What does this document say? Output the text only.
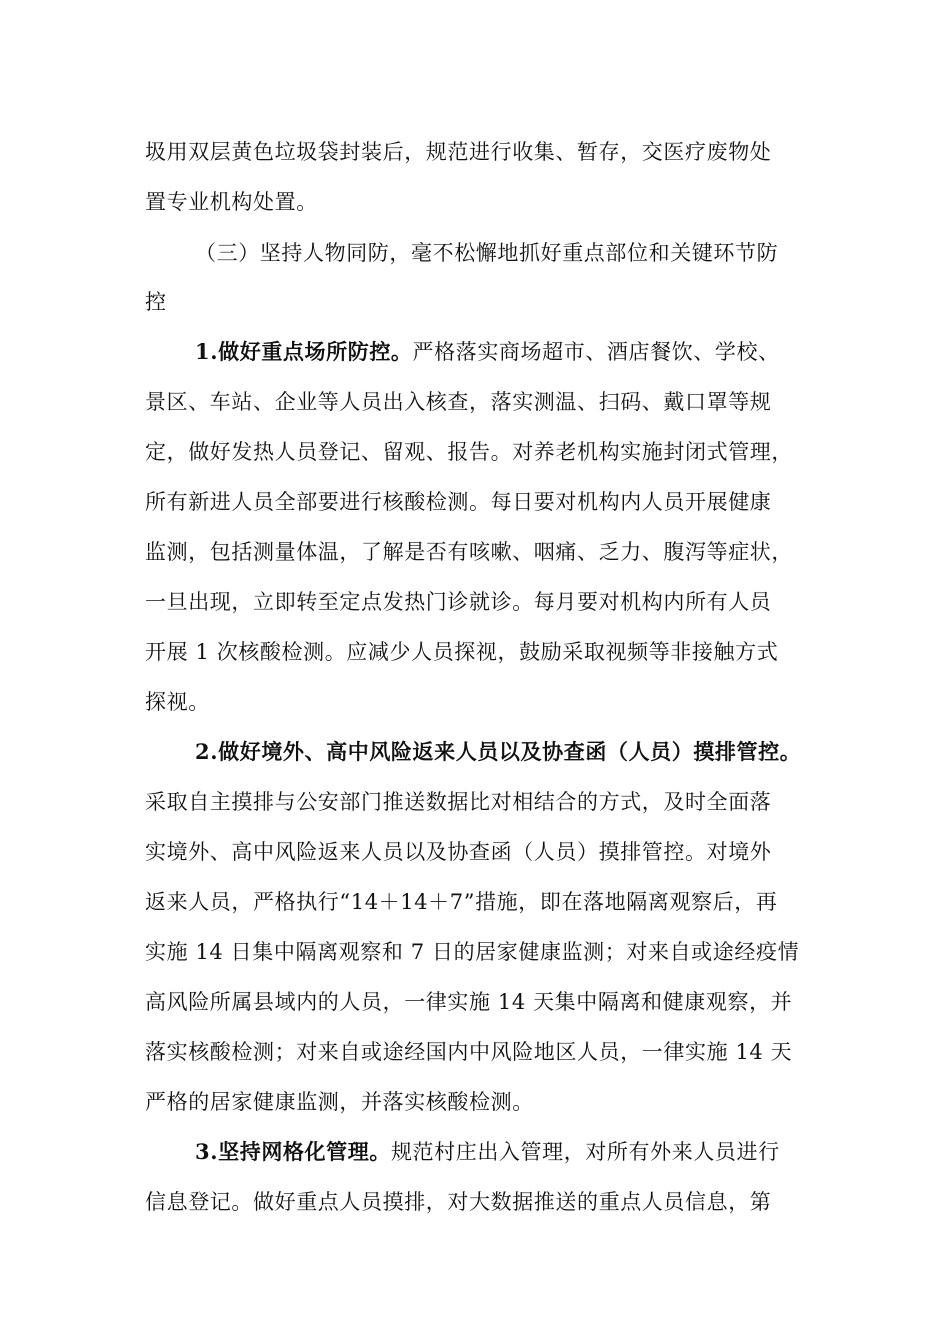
圾用双层黄色垃圾袋封装后，规范进行收集、暂存，交医疗废物处
置专业机构处置。
（三）坚持人物同防，毫不松懈地抓好重点部位和关键环节防
控
1.做好重点场所防控。严格落实商场超市、酒店餐饮、学校、
景区、车站、企业等人员出入核查，落实测温、扫码、戴口罩等规
定，做好发热人员登记、留观、报告。对养老机构实施封闭式管理，
所有新进人员全部要进行核酸检测。每日要对机构内人员开展健康
监测，包括测量体温，了解是否有咳嗽、咽痛、乏力、腹泻等症状，
一旦出现，立即转至定点发热门诊就诊。每月要对机构内所有人员
开展 1 次核酸检测。应减少人员探视，鼓励采取视频等非接触方式
探视。
2.做好境外、高中风险返来人员以及协查函（人员）摸排管控。
采取自主摸排与公安部门推送数据比对相结合的方式，及时全面落
实境外、高中风险返来人员以及协查函（人员）摸排管控。对境外
返来人员，严格执行“14＋14＋7”措施，即在落地隔离观察后，再
实施 14 日集中隔离观察和 7 日的居家健康监测；对来自或途经疫情
高风险所属县域内的人员，一律实施 14 天集中隔离和健康观察，并
落实核酸检测；对来自或途经国内中风险地区人员，一律实施 14 天
严格的居家健康监测，并落实核酸检测。
3.坚持网格化管理。规范村庄出入管理，对所有外来人员进行
信息登记。做好重点人员摸排，对大数据推送的重点人员信息，第
